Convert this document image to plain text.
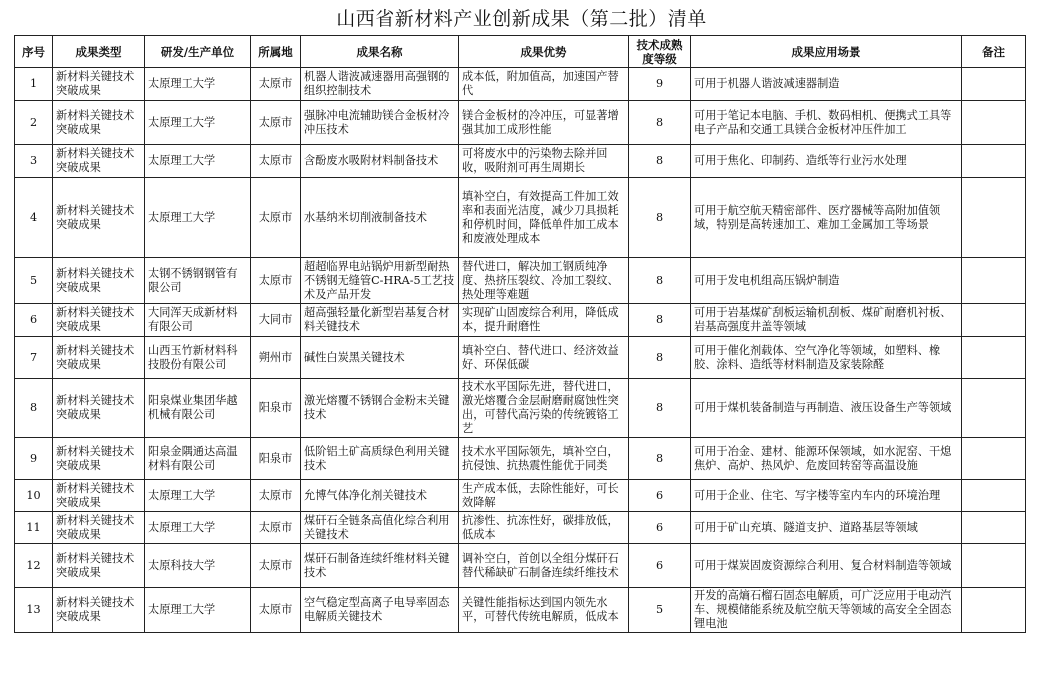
山西省新材料产业创新成果（第二批）清单
序号	成果类型	研发/生产单位	所属地	成果名称	成果优势	技术成熟度等级	成果应用场景	备注
1	新材料关键技术突破成果	太原理工大学	太原市	机器人谐波减速器用高强钢的组织控制技术	成本低，附加值高，加速国产替代	9	可用于机器人谐波减速器制造	
2	新材料关键技术突破成果	太原理工大学	太原市	强脉冲电流辅助镁合金板材冷冲压技术	镁合金板材的冷冲压，可显著增强其加工成形性能	8	可用于笔记本电脑、手机、数码相机、便携式工具等电子产品和交通工具镁合金板材冲压件加工	
3	新材料关键技术突破成果	太原理工大学	太原市	含酚废水吸附材料制备技术	可将废水中的污染物去除并回收，吸附剂可再生周期长	8	可用于焦化、印制药、造纸等行业污水处理	
4	新材料关键技术突破成果	太原理工大学	太原市	水基纳米切削液制备技术	填补空白，有效提高工件加工效率和表面光洁度，减少刀具损耗和停机时间，降低单件加工成本和废液处理成本	8	可用于航空航天精密部件、医疗器械等高附加值领域，特别是高转速加工、难加工金属加工等场景	
5	新材料关键技术突破成果	太钢不锈钢钢管有限公司	太原市	超超临界电站锅炉用新型耐热不锈钢无缝管C-HRA-5工艺技术及产品开发	替代进口，解决加工钢质纯净度、热挤压裂纹、冷加工裂纹、热处理等难题	8	可用于发电机组高压锅炉制造	
6	新材料关键技术突破成果	大同浑天成新材料有限公司	大同市	超高强轻量化新型岩基复合材料关键技术	实现矿山固废综合利用，降低成本，提升耐磨性	8	可用于岩基煤矿刮板运输机刮板、煤矿耐磨机衬板、岩基高强度井盖等领域	
7	新材料关键技术突破成果	山西玉竹新材料科技股份有限公司	朔州市	碱性白炭黑关键技术	填补空白、替代进口、经济效益好、环保低碳	8	可用于催化剂载体、空气净化等领域，如塑料、橡胶、涂料、造纸等材料制造及家装除醛	
8	新材料关键技术突破成果	阳泉煤业集团华越机械有限公司	阳泉市	激光熔覆不锈钢合金粉末关键技术	技术水平国际先进，替代进口，激光熔覆合金层耐磨耐腐蚀性突出，可替代高污染的传统镀铬工艺	8	可用于煤机装备制造与再制造、液压设备生产等领域	
9	新材料关键技术突破成果	阳泉金隅通达高温材料有限公司	阳泉市	低阶铝土矿高质绿色利用关键技术	技术水平国际领先，填补空白，抗侵蚀、抗热震性能优于同类	8	可用于冶金、建材、能源环保领域，如水泥窑、干熄焦炉、高炉、热风炉、危废回转窑等高温设施	
10	新材料关键技术突破成果	太原理工大学	太原市	允博气体净化剂关键技术	生产成本低，去除性能好，可长效降解	6	可用于企业、住宅、写字楼等室内车内的环境治理	
11	新材料关键技术突破成果	太原理工大学	太原市	煤矸石全链条高值化综合利用关键技术	抗渗性、抗冻性好，碳排放低，低成本	6	可用于矿山充填、隧道支护、道路基层等领域	
12	新材料关键技术突破成果	太原科技大学	太原市	煤矸石制备连续纤维材料关键技术	调补空白，首创以全组分煤矸石替代稀缺矿石制备连续纤维技术	6	可用于煤炭固废资源综合利用、复合材料制造等领域	
13	新材料关键技术突破成果	太原理工大学	太原市	空气稳定型高离子电导率固态电解质关键技术	关键性能指标达到国内领先水平，可替代传统电解质，低成本	5	开发的高熵石榴石固态电解质，可广泛应用于电动汽车、规模储能系统及航空航天等领域的高安全全固态锂电池	
